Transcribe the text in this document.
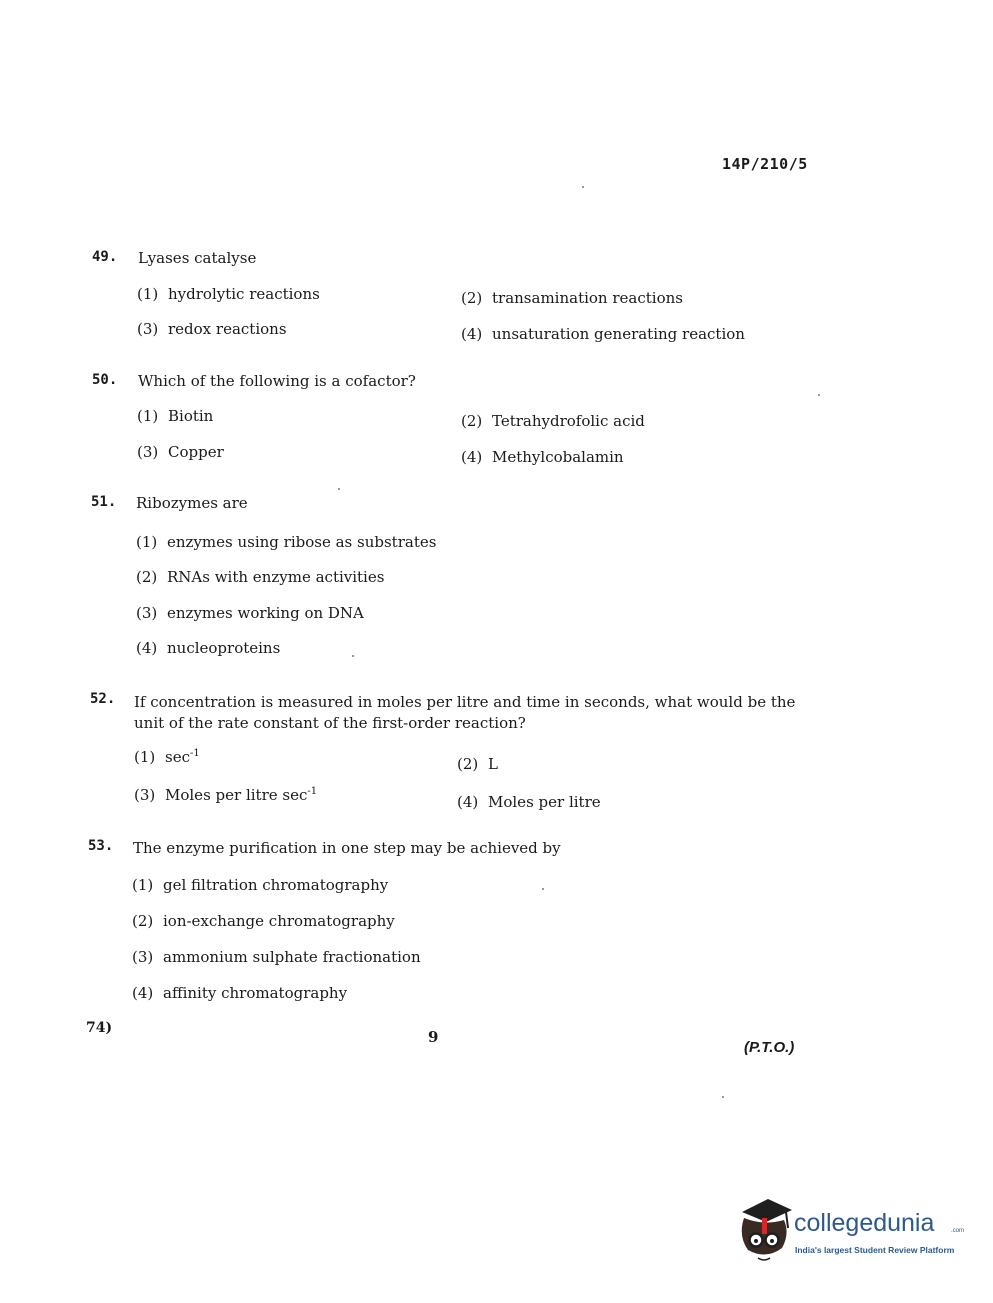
14P/210/5
49. Lyases catalyse
(1) hydrolytic reactions	(2) transamination reactions
(3) redox reactions	(4) unsaturation generating reaction
50. Which of the following is a cofactor?
(1) Biotin	(2) Tetrahydrofolic acid
(3) Copper	(4) Methylcobalamin
51. Ribozymes are
(1) enzymes using ribose as substrates
(2) RNAs with enzyme activities
(3) enzymes working on DNA
(4) nucleoproteins
52. If concentration is measured in moles per litre and time in seconds, what would be the
unit of the rate constant of the first-order reaction?
(1) $\sec^{-1}$
(2) L
(3) Moles per litre $\sec^{-1}$
(4) Moles per litre
53. The enzyme purification in one step may be achieved by
(1) gel filtration chromatography
(2) ion-exchange chromatography
(3) ammonium sulphate fractionation
(4) affinity chromatography
74)	9
(P.T.O.)
collegedunia	.com
India's largest Student Review Platform
